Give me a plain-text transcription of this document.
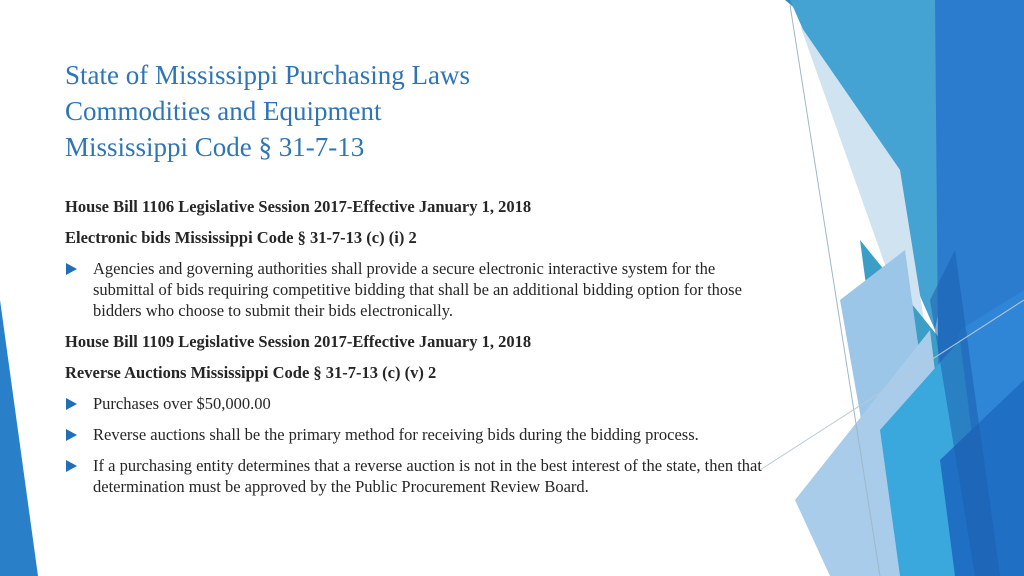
State of Mississippi Purchasing Laws
Commodities and Equipment
Mississippi Code § 31-7-13

House Bill 1106 Legislative Session 2017-Effective January 1, 2018

Electronic bids Mississippi Code § 31-7-13 (c) (i) 2

Agencies and governing authorities shall provide a secure electronic interactive system for the submittal of bids requiring competitive bidding that shall be an additional bidding option for those bidders who choose to submit their bids electronically.

House Bill 1109 Legislative Session 2017-Effective January 1, 2018

Reverse Auctions Mississippi Code § 31-7-13 (c) (v) 2

Purchases over $50,000.00
Reverse auctions shall be the primary method for receiving bids during the bidding process.
If a purchasing entity determines that a reverse auction is not in the best interest of the state, then that determination must be approved by the Public Procurement Review Board.
